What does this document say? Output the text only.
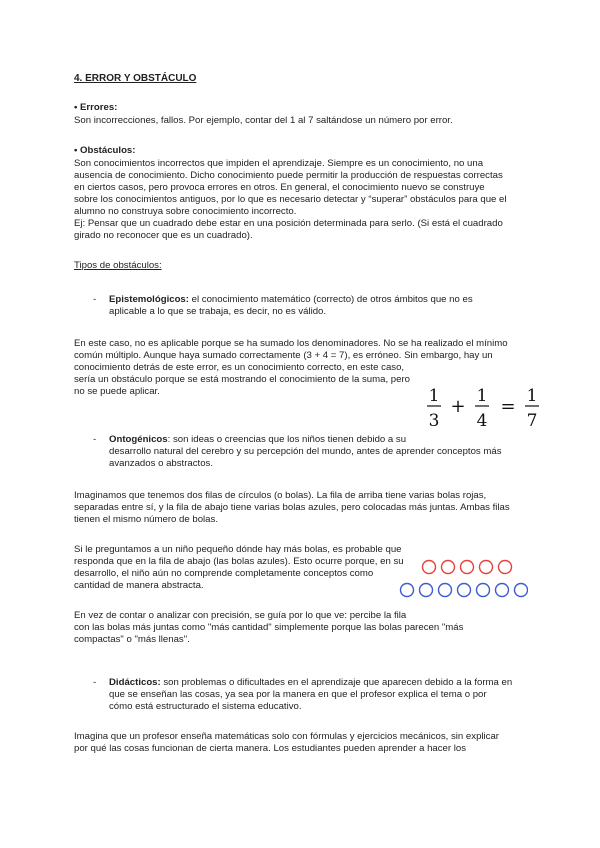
4. ERROR Y OBSTÁCULO
• Errores:
Son incorrecciones, fallos. Por ejemplo, contar del 1 al 7 saltándose un número por error.
• Obstáculos:
Son conocimientos incorrectos que impiden el aprendizaje. Siempre es un conocimiento, no una
ausencia de conocimiento. Dicho conocimiento puede permitir la producción de respuestas correctas
en ciertos casos, pero provoca errores en otros. En general, el conocimiento nuevo se construye
sobre los conocimientos antiguos, por lo que es necesario detectar y “superar” obstáculos para que el
alumno no construya sobre conocimiento incorrecto.
Ej: Pensar que un cuadrado debe estar en una posición determinada para serlo. (Si está el cuadrado
girado no reconocer que es un cuadrado).
Tipos de obstáculos:
- Epistemológicos: el conocimiento matemático (correcto) de otros ámbitos que no es
aplicable a lo que se trabaja, es decir, no es válido.
En este caso, no es aplicable porque se ha sumado los denominadores. No se ha realizado el mínimo
común múltiplo. Aunque haya sumado correctamente (3 + 4 = 7), es erróneo. Sin embargo, hay un
conocimiento detrás de este error, es un conocimiento correcto, en este caso,
sería un obstáculo porque se está mostrando el conocimiento de la suma, pero
no se puede aplicar.	1
3
+ 1
4
= 1
7
- Ontogénicos: son ideas o creencias que los niños tienen debido a su
desarrollo natural del cerebro y su percepción del mundo, antes de aprender conceptos más
avanzados o abstractos.
Imaginamos que tenemos dos filas de círculos (o bolas). La fila de arriba tiene varias bolas rojas,
separadas entre sí, y la fila de abajo tiene varias bolas azules, pero colocadas más juntas. Ambas filas
tienen el mismo número de bolas.
Si le preguntamos a un niño pequeño dónde hay más bolas, es probable que
responda que en la fila de abajo (las bolas azules). Esto ocurre porque, en su
desarrollo, el niño aún no comprende completamente conceptos como
cantidad de manera abstracta.
En vez de contar o analizar con precisión, se guía por lo que ve: percibe la fila
con las bolas más juntas como "más cantidad" simplemente porque las bolas parecen "más
compactas" o "más llenas".
- Didácticos: son problemas o dificultades en el aprendizaje que aparecen debido a la forma en
que se enseñan las cosas, ya sea por la manera en que el profesor explica el tema o por
cómo está estructurado el sistema educativo.
Imagina que un profesor enseña matemáticas solo con fórmulas y ejercicios mecánicos, sin explicar
por qué las cosas funcionan de cierta manera. Los estudiantes pueden aprender a hacer los
